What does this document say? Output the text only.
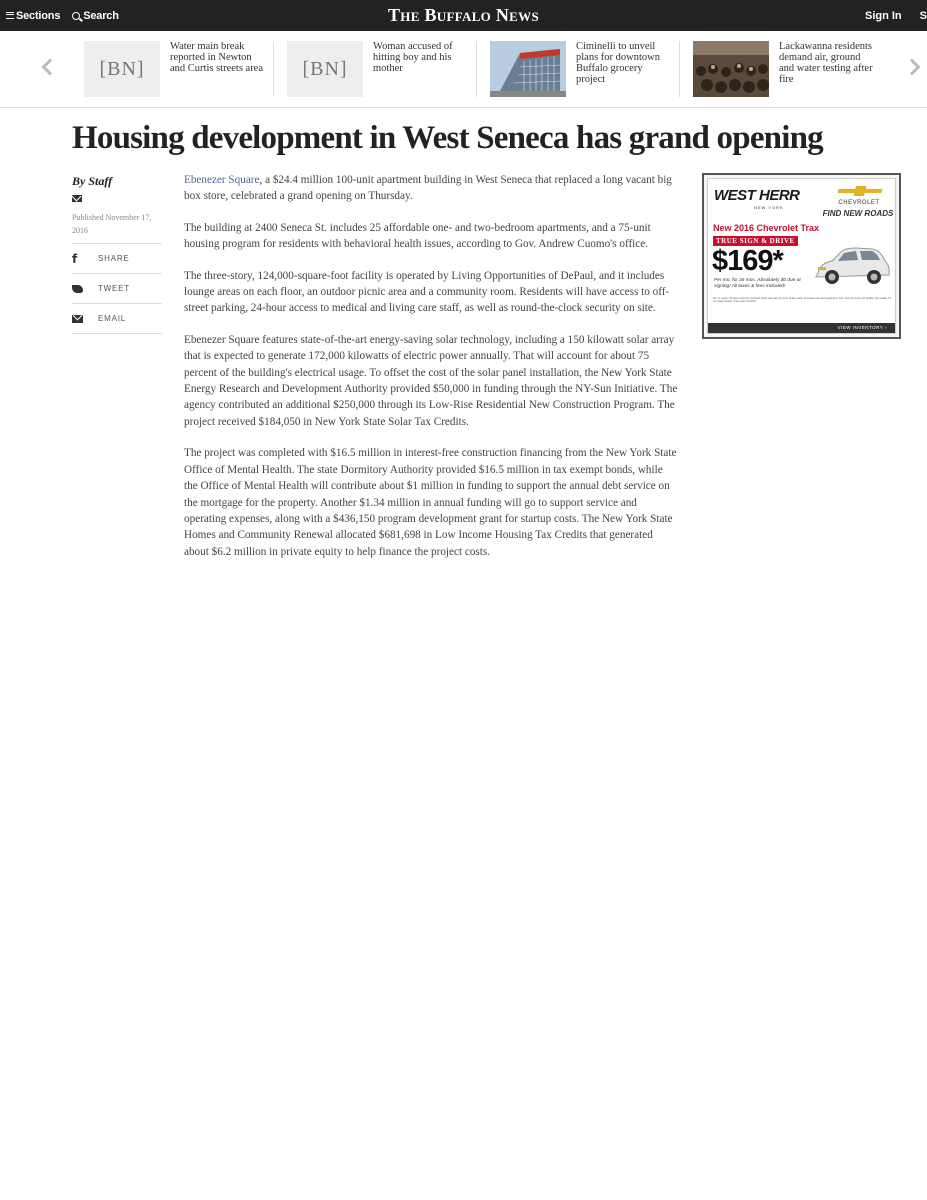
Sections Search	The Buffalo News	Sign In S
[BN]
Water main break reported in Newton and Curtis streets area	[BN]
Woman accused of hitting boy and his mother
Ciminelli to unveil plans for downtown Buffalo grocery project
Lackawanna residents demand air, ground and water testing after fire
Housing development in West Seneca has grand opening
By Staff
Published November 17, 2016
f	SHARE
TWEET
EMAIL

Ebenezer Square, a $24.4 million 100-unit apartment building in West Seneca that replaced a long vacant big box store, celebrated a grand opening on Thursday.

The building at 2400 Seneca St. includes 25 affordable one- and two-bedroom apartments, and a 75-unit housing program for residents with behavioral health issues, according to Gov. Andrew Cuomo's office.

The three-story, 124,000-square-foot facility is operated by Living Opportunities of DePaul, and it includes lounge areas on each floor, an outdoor picnic area and a community room. Residents will have access to off-street parking, 24-hour access to medical and living care staff, as well as round-the-clock security on site.

Ebenezer Square features state-of-the-art energy-saving solar technology, including a 150 kilowatt solar array that is expected to generate 172,000 kilowatts of electric power annually. That will account for about 75 percent of the building's electrical usage. To offset the cost of the solar panel installation, the New York State Energy Research and Development Authority provided $50,000 in funding through the NY-Sun Initiative. The agency contributed an additional $250,000 through its Low-Rise Residential New Construction Program. The project received $184,050 in New York State Solar Tax Credits.

The project was completed with $16.5 million in interest-free construction financing from the New York State Office of Mental Health. The state Dormitory Authority provided $16.5 million in tax exempt bonds, while the Office of Mental Health will contribute about $1 million in funding to support the annual debt service on the mortgage for the property. Another $1.34 million in annual funding will go to support service and operating expenses, along with a $436,150 program development grant for startup costs. The New York State Homes and Community Renewal allocated $681,698 in Low Income Housing Tax Credits that generated about $6.2 million in private equity to help finance the project costs.

WEST HERR
NEW YORK
CHEVROLET
FIND NEW ROADS
New 2016 Chevrolet Trax
TRUE SIGN & DRIVE
$169*
Per mo. for 36 mos. Absolutely $0 due at signing! All taxes & fees included!
36 mo. lease, all taxes and fees included. Must take delivery from dealer stock. Excludes title and registration fees. Not all buyers will qualify. See dealer for complete details. Offer ends 11/30/16.
VIEW INVENTORY ›
